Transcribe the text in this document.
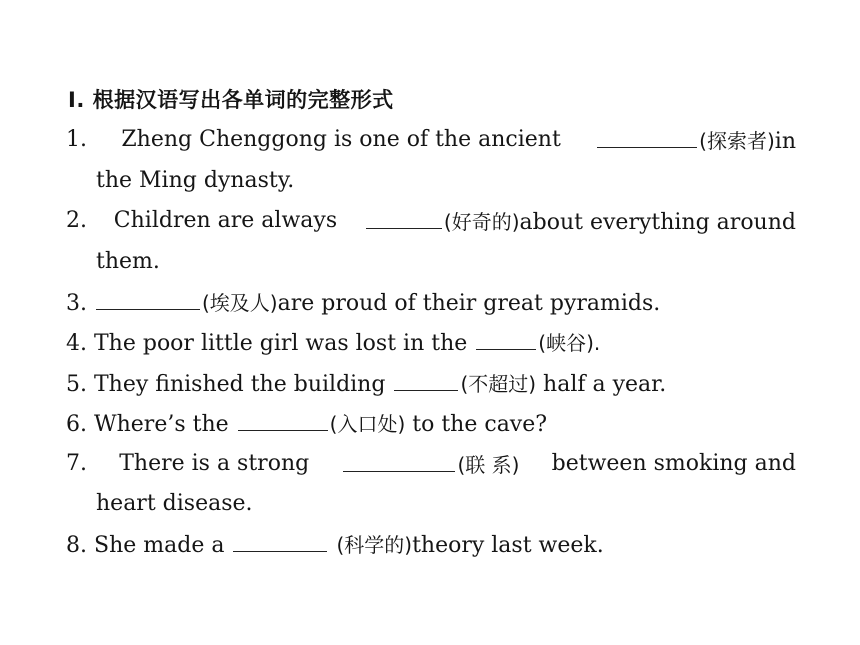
Ⅰ. 根据汉语写出各单词的完整形式
1. Zheng Chenggong is one of the ancient	(探索者)in
the Ming dynasty.
2. Children are always	(好奇的)about everything around
them.
3.	(埃及人)are proud of their great pyramids.
4. The poor little girl was lost in the	(峡谷).
5. They finished the building	(不超过) half a year.
6. Where’s the	(入口处) to the cave?
7. There is a strong	(联 系) between smoking and
heart disease.
8. She made a	(科学的)theory last week.
